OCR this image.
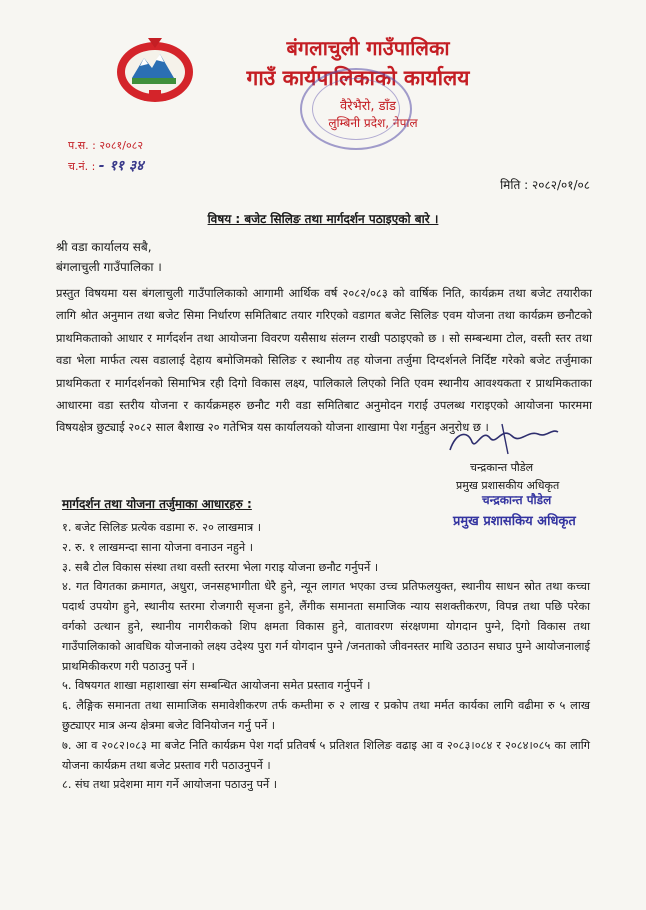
बंगलाचुली गाउँपालिका
गाउँ कार्यपालिकाको कार्यालय
वैरेभैरो, डाँड
लुम्बिनी प्रदेश, नेपाल
प.स. : २०८१/०८२
च.नं. : - ११ ३४
मिति : २०८२/०१/०८
विषय : बजेट सिलिङ तथा मार्गदर्शन पठाइएको बारे ।
श्री वडा कार्यालय सबै,
बंगलाचुली गाउँपालिका ।
प्रस्तुत विषयमा यस बंगलाचुली गाउँपालिकाको आगामी आर्थिक वर्ष २०८२/०८३ को वार्षिक निति, कार्यक्रम तथा बजेट तयारीका लागि श्रोत अनुमान तथा बजेट सिमा निर्धारण समितिबाट तयार गरिएको वडागत बजेट सिलिङ एवम योजना तथा कार्यक्रम छनौटको प्राथमिकताको आधार र मार्गदर्शन तथा आयोजना विवरण यसैसाथ संलग्न राखी पठाइएको छ । सो सम्बन्धमा टोल, वस्ती स्तर तथा वडा भेला मार्फत त्यस वडालाई देहाय बमोजिमको सिलिङ र स्थानीय तह योजना तर्जुमा दिग्दर्शनले निर्दिष्ट गरेको बजेट तर्जुमाका प्राथमिकता र मार्गदर्शनको सिमाभित्र रही दिगो विकास लक्ष्य, पालिकाले लिएको निति एवम स्थानीय आवश्यकता र प्राथमिकताका आधारमा वडा स्तरीय योजना र कार्यक्रमहरु छनौट गरी वडा समितिबाट अनुमोदन गराई उपलब्ध गराइएको आयोजना फारममा विषयक्षेत्र छुट्याई २०८२ साल बैशाख २० गतेभित्र यस कार्यालयको योजना शाखामा पेश गर्नुहुन अनुरोध छ ।
चन्द्रकान्त पौडेल
प्रमुख प्रशासकीय अधिकृत
चन्द्रकान्त पौडेल
प्रमुख प्रशासकिय अधिकृत
मार्गदर्शन तथा योजना तर्जुमाका आधारहरु :
१. बजेट सिलिङ प्रत्येक वडामा रु. २० लाखमात्र ।
२. रु. १ लाखमन्दा साना योजना वनाउन नहुने ।
३. सबै टोल विकास संस्था तथा वस्ती स्तरमा भेला गराइ योजना छनौट गर्नुपर्ने ।
४. गत विगतका क्रमागत, अधुरा, जनसहभागीता धेरै हुने, न्यून लागत भएका उच्च प्रतिफलयुक्त, स्थानीय साधन स्रोत तथा कच्चा पदार्थ उपयोग हुने, स्थानीय स्तरमा रोजगारी सृजना हुने, लैंगीक समानता समाजिक न्याय सशक्तीकरण, विपन्न तथा पछि परेका वर्गको उत्थान हुने, स्थानीय नागरीकको शिप क्षमता विकास हुने, वातावरण संरक्षणमा योगदान पुग्ने, दिगो विकास तथा गाउँपालिकाको आवधिक योजनाको लक्ष्य उदेश्य पुरा गर्न योगदान पुग्ने /जनताको जीवनस्तर माथि उठाउन सघाउ पुग्ने आयोजनालाई प्राथमिकीकरण गरी पठाउनु पर्ने ।
५. विषयगत शाखा महाशाखा संग सम्बन्धित आयोजना समेत प्रस्ताव गर्नुपर्ने ।
६. लैङ्गिक समानता तथा सामाजिक समावेशीकरण तर्फ कम्तीमा रु २ लाख र प्रकोप तथा मर्मत कार्यका लागि वढीमा रु ५ लाख छुट्याएर मात्र अन्य क्षेत्रमा बजेट विनियोजन गर्नु पर्ने ।
७. आ व २०८२।०८३ मा बजेट निति कार्यक्रम पेश गर्दा प्रतिवर्ष ५ प्रतिशत शिलिङ वढाइ आ व २०८३।०८४ र २०८४।०८५ का लागि योजना कार्यक्रम तथा बजेट प्रस्ताव गरी पठाउनुपर्ने ।
८. संघ तथा प्रदेशमा माग गर्ने आयोजना पठाउनु पर्ने ।
